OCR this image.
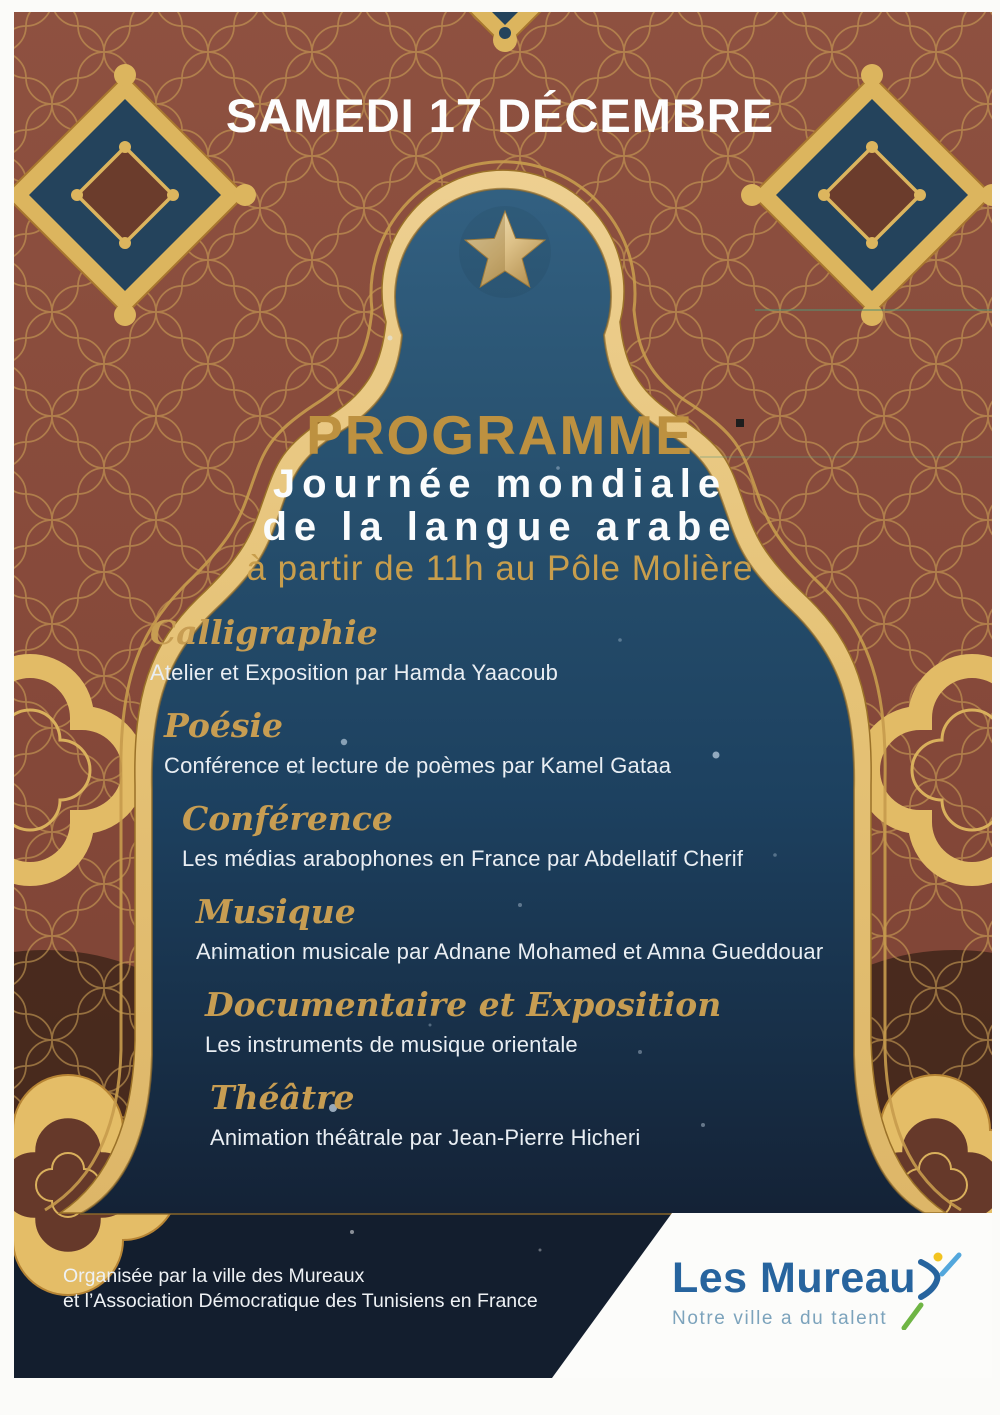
SAMEDI 17 DÉCEMBRE
PROGRAMME
Journée mondiale
de la langue arabe
à partir de 11h au Pôle Molière
Calligraphie
Atelier et Exposition par Hamda Yaacoub
Poésie
Conférence et lecture de poèmes par Kamel Gataa
Conférence
Les médias arabophones en France par Abdellatif Cherif
Musique
Animation musicale par Adnane Mohamed et Amna Gueddouar
Documentaire et Exposition
Les instruments de musique orientale
Théâtre
Animation théâtrale par Jean-Pierre Hicheri
Organisée par la ville des Mureaux
et l’Association Démocratique des Tunisiens en France	Les Mureau
Notre ville a du talent
